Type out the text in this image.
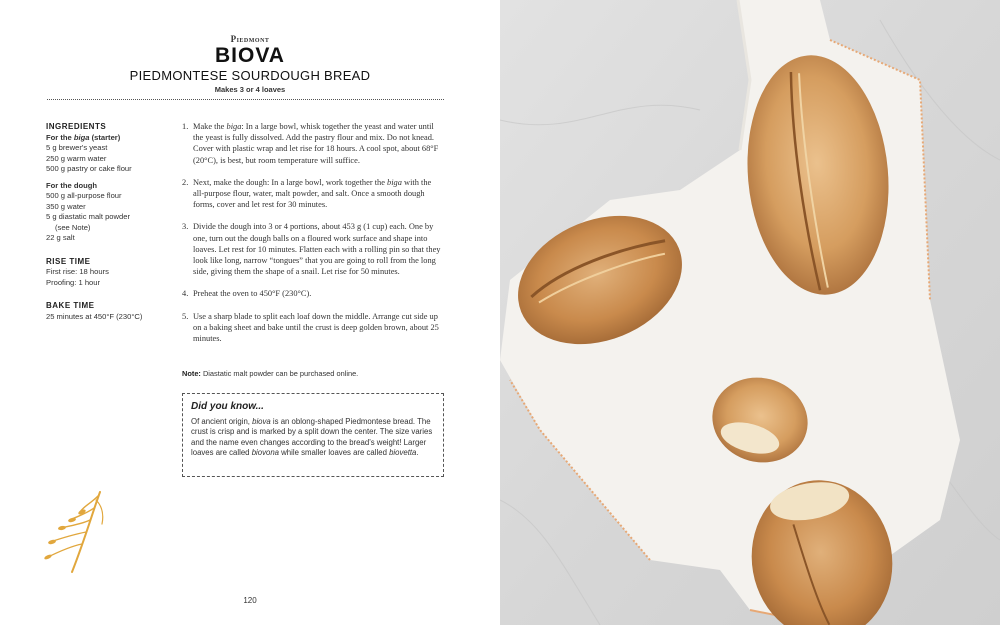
Piedmont
BIOVA
PIEDMONTESE SOURDOUGH BREAD
Makes 3 or 4 loaves
INGREDIENTS
For the biga (starter)
5 g brewer's yeast
250 g warm water
500 g pastry or cake flour
For the dough
500 g all-purpose flour
350 g water
5 g diastatic malt powder
(see Note)
22 g salt
RISE TIME
First rise: 18 hours
Proofing: 1 hour
BAKE TIME
25 minutes at 450°F (230°C)
1. Make the biga: In a large bowl, whisk together the yeast and water until the yeast is fully dissolved. Add the pastry flour and mix. Do not knead. Cover with plastic wrap and let rise for 18 hours. A cool spot, about 68°F (20°C), is best, but room temperature will suffice.
2. Next, make the dough: In a large bowl, work together the biga with the all-purpose flour, water, malt powder, and salt. Once a smooth dough forms, cover and let rest for 30 minutes.
3. Divide the dough into 3 or 4 portions, about 453 g (1 cup) each. One by one, turn out the dough balls on a floured work surface and shape into loaves. Let rest for 10 minutes. Flatten each with a rolling pin so that they look like long, narrow “tongues” that you are going to roll from the long side, giving them the shape of a snail. Let rise for 50 minutes.
4. Preheat the oven to 450°F (230°C).
5. Use a sharp blade to split each loaf down the middle. Arrange cut side up on a baking sheet and bake until the crust is deep golden brown, about 25 minutes.
Note: Diastatic malt powder can be purchased online.
Did you know...
Of ancient origin, biova is an oblong-shaped Piedmontese bread. The crust is crisp and is marked by a split down the center. The size varies and the name even changes according to the bread’s weight! Larger loaves are called biovona while smaller loaves are called biovetta.
120
